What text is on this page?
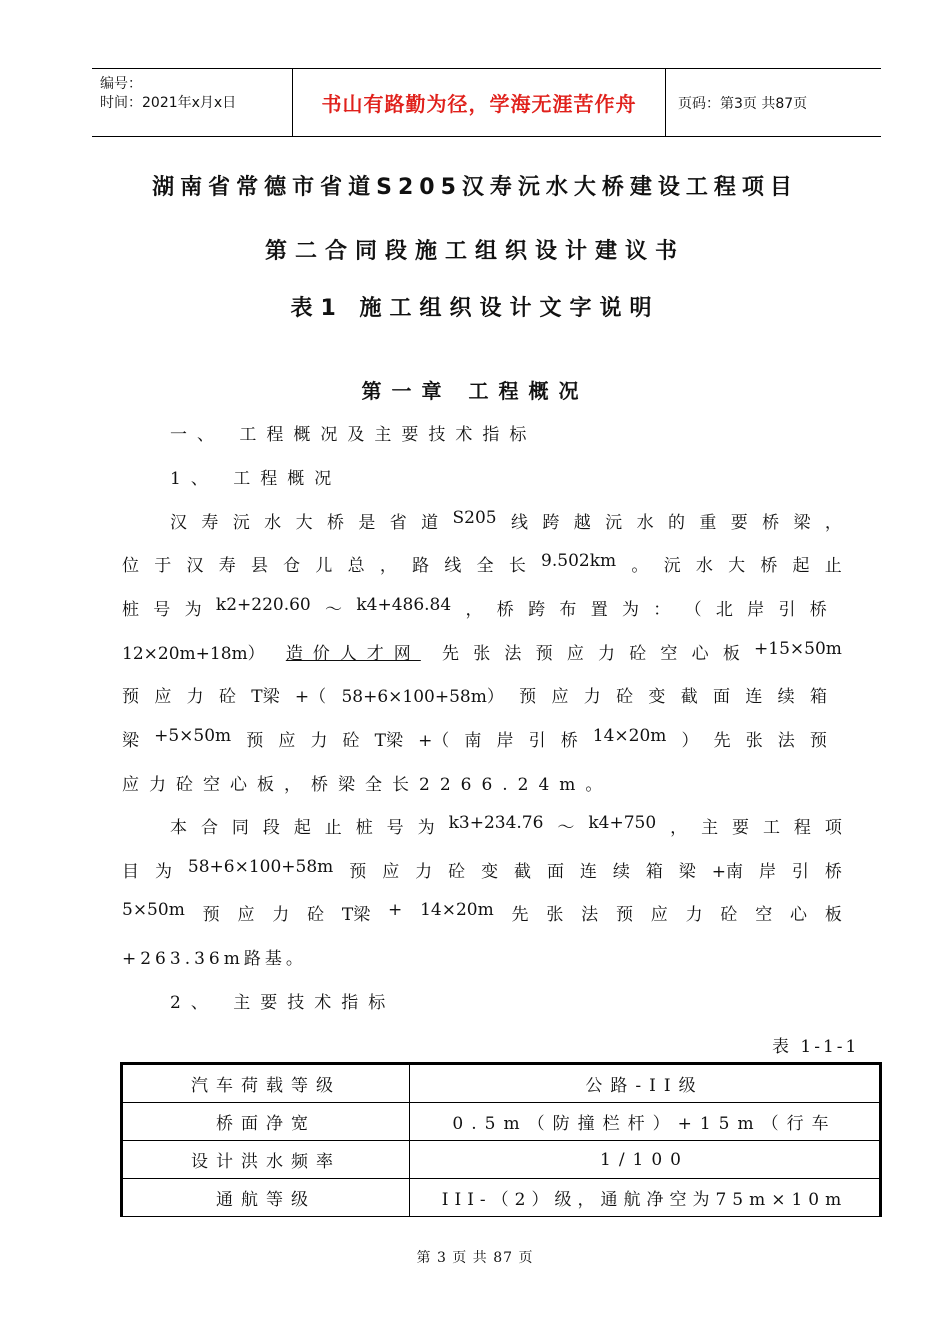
编号：
时间：2021年x月x日	书山有路勤为径，学海无涯苦作舟	页码：第3页 共87页
湖南省常德市省道S205汉寿沅水大桥建设工程项目
第二合同段施工组织设计建议书
表1 施工组织设计文字说明
第一章 工程概况
一、 工程概况及主要技术指标
1、 工程概况
汉 寿 沅 水 大 桥 是 省 道 S205 线 跨 越 沅 水 的 重 要 桥 梁 ，
位 于 汉 寿 县 仓 儿 总 ， 路 线 全 长 9.502km 。 沅 水 大 桥 起 止
桩 号 为 k2+220.60 ～ k4+486.84 ， 桥 跨 布 置 为 ： （ 北 岸 引 桥
12×20m+18m） 造价人才网 先 张 法 预 应 力 砼 空 心 板 +15×50m
预 应 力 砼 T梁 +（ 58+6×100+58m） 预 应 力 砼 变 截 面 连 续 箱
梁 +5×50m 预 应 力 砼 T梁 +（ 南 岸 引 桥 14×20m ） 先 张 法 预
应力砼空心板，桥梁全长2266.24m。
本 合 同 段 起 止 桩 号 为 k3+234.76 ～ k4+750 ， 主 要 工 程 项
目 为 58+6×100+58m 预 应 力 砼 变 截 面 连 续 箱 梁 +南 岸 引 桥
5×50m 预 应 力 砼 T梁 + 14×20m 先 张 法 预 应 力 砼 空 心 板
+263.36m路基。
2、 主要技术指标
表 1-1-1
汽车荷载等级	公路-II级
桥面净宽	0.5m（防撞栏杆）+15m（行车
设计洪水频率	1/100
通航等级	III-（2）级，通航净空为75m×10m
第 3 页 共 87 页
